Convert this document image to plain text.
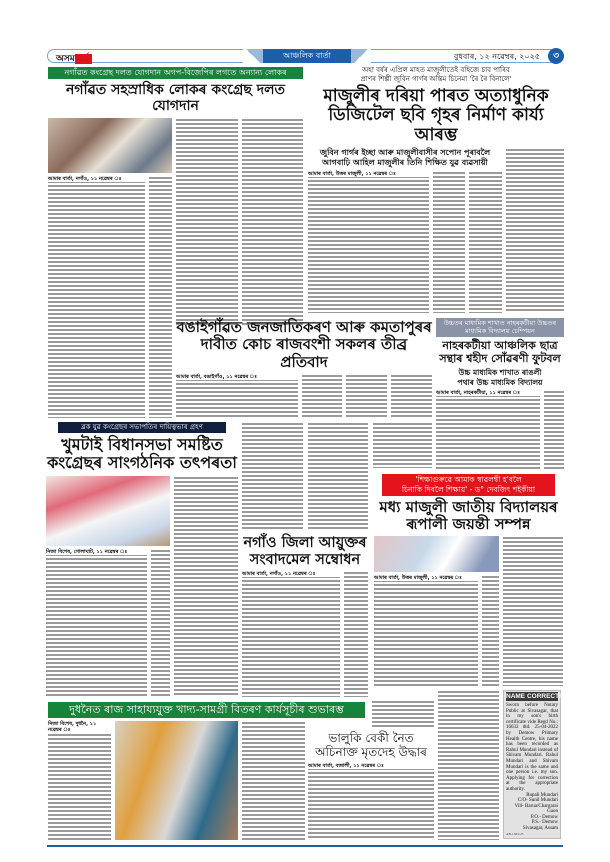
অসমবাৰ্তা	আঞ্চলিক বাৰ্তা	বুধবাৰ, ১২ নৱেম্বৰ, ২০২৫	৩
নগাঁৱত কংগ্ৰেছ দলত যোগদান অগপ-বিজেপিৰ লগতে অন্যান্য লোকৰ
নগাঁৱত সহস্ৰাধিক লোকৰ কংগ্ৰেছ দলত যোগদান
আমাৰ বাৰ্তা, নগাঁও, ১১ নৱেম্বৰ ঃ
অহা বৰ্ষৰ এপ্ৰিল মাহত মাজুলীতেই বহিজে চাব পাৰিব
প্ৰাণৰ শিল্পী জুবিন গাৰ্গৰ অন্তিম চিনেমা 'ৰৈ ৰৈ বিনালে'
মাজুলীৰ দৰিয়া পাৰত অত্যাধুনিক
ডিজিটেল ছবি গৃহৰ নিৰ্মাণ কাৰ্য্য আৰম্ভ
জুবিন গাৰ্গৰ ইচ্ছা আৰু মাজুলীবাসীৰ সপোন পূৰাবলৈ
আগবাঢ়ি আহিল মাজুলীৰ তিনি শিক্ষিত যুৱ ব্যৱসায়ী
আমাৰ বাৰ্তা, উত্তৰ মাজুলী, ১১ নৱেম্বৰ ঃ
উচ্চতৰ মাধ্যমিক শাখাত নাহৰকটীয়া উচ্চতৰ মাধ্যমিক বিদ্যালয় চেম্পিয়ন
নাহৰকটীয়া আঞ্চলিক ছাত্ৰ
সন্থাৰ শ্বহীদ সোঁৱৰণী ফুটবল
উচ্চ মাধ্যমিক শাখাত ৰাঙলী
পথাৰ উচ্চ মাধ্যমিক বিদ্যালয়
আমাৰ বাৰ্তা, নাহৰকটীয়া, ১১ নৱেম্বৰ ঃ
বঙাইগাঁৱত জনজাতিকৰণ আৰু কমতাপুৰৰ
দাবীত কোচ ৰাজবংশী সকলৰ তীব্ৰ প্ৰতিবাদ
আমাৰ বাৰ্তা, বঙাইগাঁও, ১১ নৱেম্বৰ ঃ
ব্লক যুৱ কংগ্ৰেছৰ সভাপতিৰ দায়িত্বভাৰ গ্ৰহণ
খুমটাই বিধানসভা সমষ্টিত
কংগ্ৰেছৰ সাংগঠনিক তৎপৰতা
নিজা বিশেষ, গোলাঘাট, ১১ নৱেম্বৰ ঃ
নগাঁও জিলা আয়ুক্তৰ
সংবাদমেল সম্বোধন
আমাৰ বাৰ্তা, নগাঁও, ১১ নৱেম্বৰ ঃ
'শিক্ষাগুৰুৱে আমাক স্বাৱলম্বী হ'বলৈ
চিনাকি দিবলৈ শিক্ষায়' - ড° দেবজিৎ শইকীয়া
মধ্য মাজুলী জাতীয় বিদ্যালয়ৰ
ৰূপালী জয়ন্তী সম্পন্ন
আমাৰ বাৰ্তা, উত্তৰ মাজুলী, ১১ নৱেম্বৰ ঃ
দুধনৈত ৰাজ সাহায্যযুক্ত খাদ্য-সামগ্ৰী বিতৰণ কাৰ্যসূচীৰ শুভাৰম্ভ
নিজা বিশেষ, দুধনৈ, ১১ নৱেম্বৰ ঃ
ভালুকি বেকী নৈত
অচিনাক্ত মৃতদেহ উদ্ধাৰ
আমাৰ বাৰ্তা, বজালী, ১১ নৱেম্বৰ ঃ
NAME CORRECTION
Sworn before Notary Public at Sivasagar, that in my son's birth certificate vide Regd No.: 16632 dtd. 25-04-2022 by Demow Primary Health Centre, his name has been recorded as Rahul Mundari instead of Shivam Mundari. Rahul Mundari and Shivam Mundari is the same and one person i.e. my son. Applying for correction at the appropriate authority.
Rupali Mundari
C/O- Sunil Mundari
Vill- Barua/Chargarai Gaon
P.O.- Demow
P.S.- Demow
Sivasagar, Assam
AB-1565/25
